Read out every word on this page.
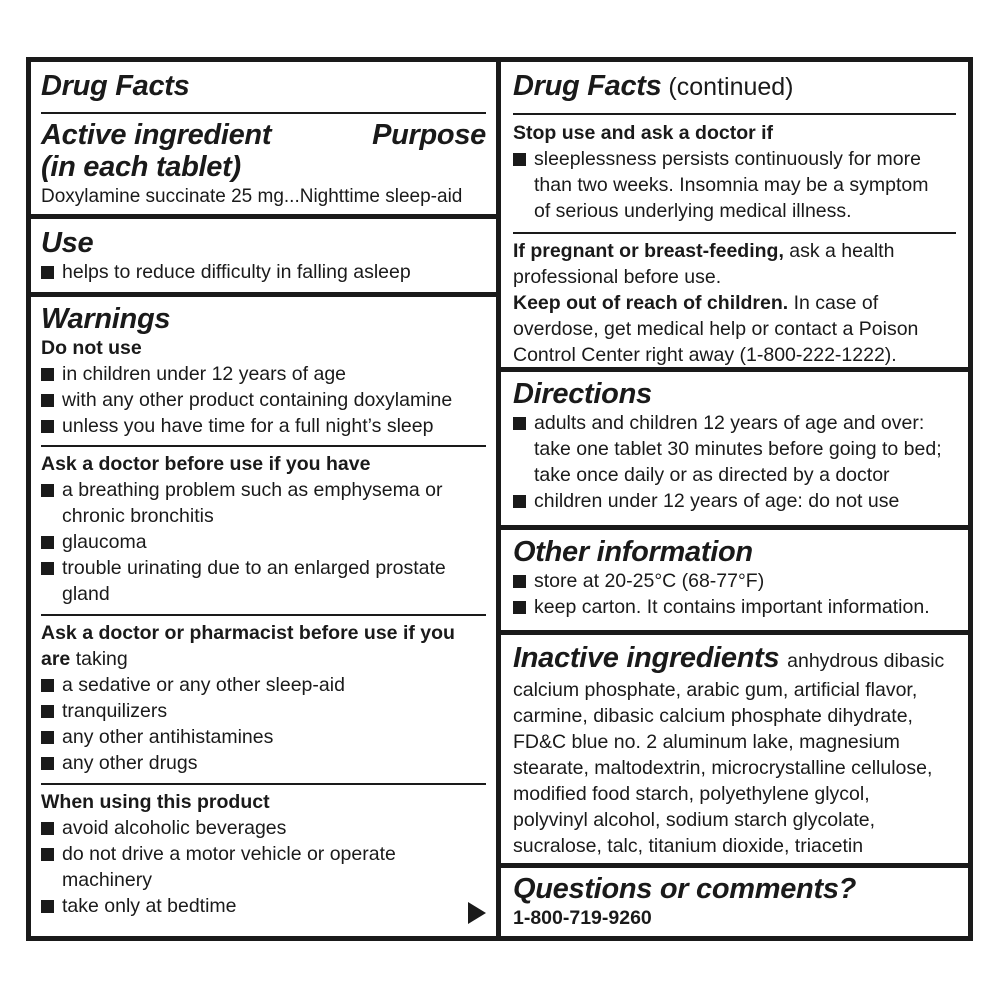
Drug Facts
Active ingredient
(in each tablet)
Purpose
Doxylamine succinate 25 mg...Nighttime sleep-aid
Use
helps to reduce difficulty in falling asleep
Warnings
Do not use
in children under 12 years of age
with any other product containing doxylamine
unless you have time for a full night’s sleep
Ask a doctor before use if you have
a breathing problem such as emphysema or
chronic bronchitis
glaucoma
trouble urinating due to an enlarged prostate
gland
Ask a doctor or pharmacist before use if you
are taking
a sedative or any other sleep-aid
tranquilizers
any other antihistamines
any other drugs
When using this product
avoid alcoholic beverages
do not drive a motor vehicle or operate
machinery
take only at bedtime
Drug Facts (continued)
Stop use and ask a doctor if
sleeplessness persists continuously for more
than two weeks. Insomnia may be a symptom
of serious underlying medical illness.
If pregnant or breast-feeding, ask a health
professional before use.
Keep out of reach of children. In case of
overdose, get medical help or contact a Poison
Control Center right away (1-800-222-1222).
Directions
adults and children 12 years of age and over:
take one tablet 30 minutes before going to bed;
take once daily or as directed by a doctor
children under 12 years of age: do not use
Other information
store at 20-25°C (68-77°F)
keep carton. It contains important information.
Inactive ingredients anhydrous dibasic
calcium phosphate, arabic gum, artificial flavor,
carmine, dibasic calcium phosphate dihydrate,
FD&C blue no. 2 aluminum lake, magnesium
stearate, maltodextrin, microcrystalline cellulose,
modified food starch, polyethylene glycol,
polyvinyl alcohol, sodium starch glycolate,
sucralose, talc, titanium dioxide, triacetin
Questions or comments?
1-800-719-9260
